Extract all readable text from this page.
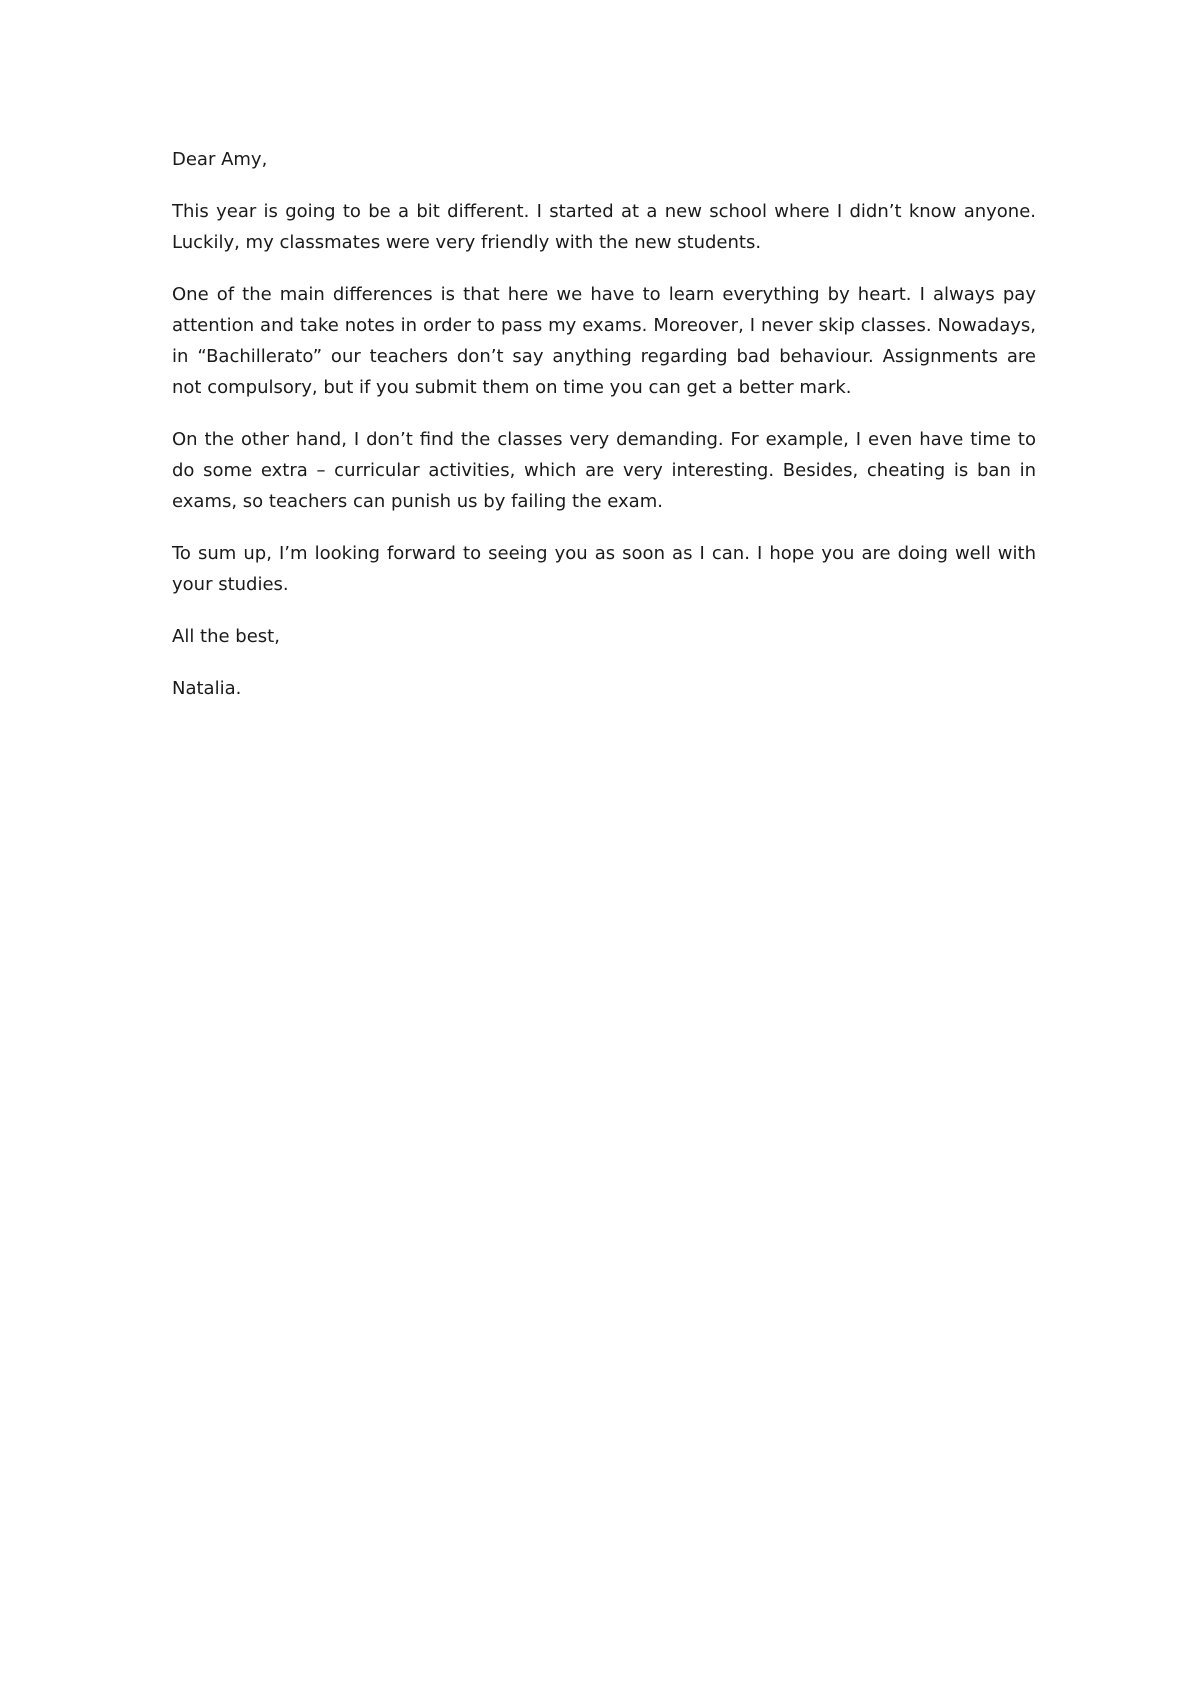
Dear Amy,

This year is going to be a bit different. I started at a new school where I didn’t know anyone. Luckily, my classmates were very friendly with the new students.

One of the main differences is that here we have to learn everything by heart. I always pay attention and take notes in order to pass my exams. Moreover, I never skip classes. Nowadays, in “Bachillerato” our teachers don’t say anything regarding bad behaviour. Assignments are not compulsory, but if you submit them on time you can get a better mark.

On the other hand, I don’t find the classes very demanding. For example, I even have time to do some extra – curricular activities, which are very interesting. Besides, cheating is ban in exams, so teachers can punish us by failing the exam.

To sum up, I’m looking forward to seeing you as soon as I can. I hope you are doing well with your studies.

All the best,

Natalia.
